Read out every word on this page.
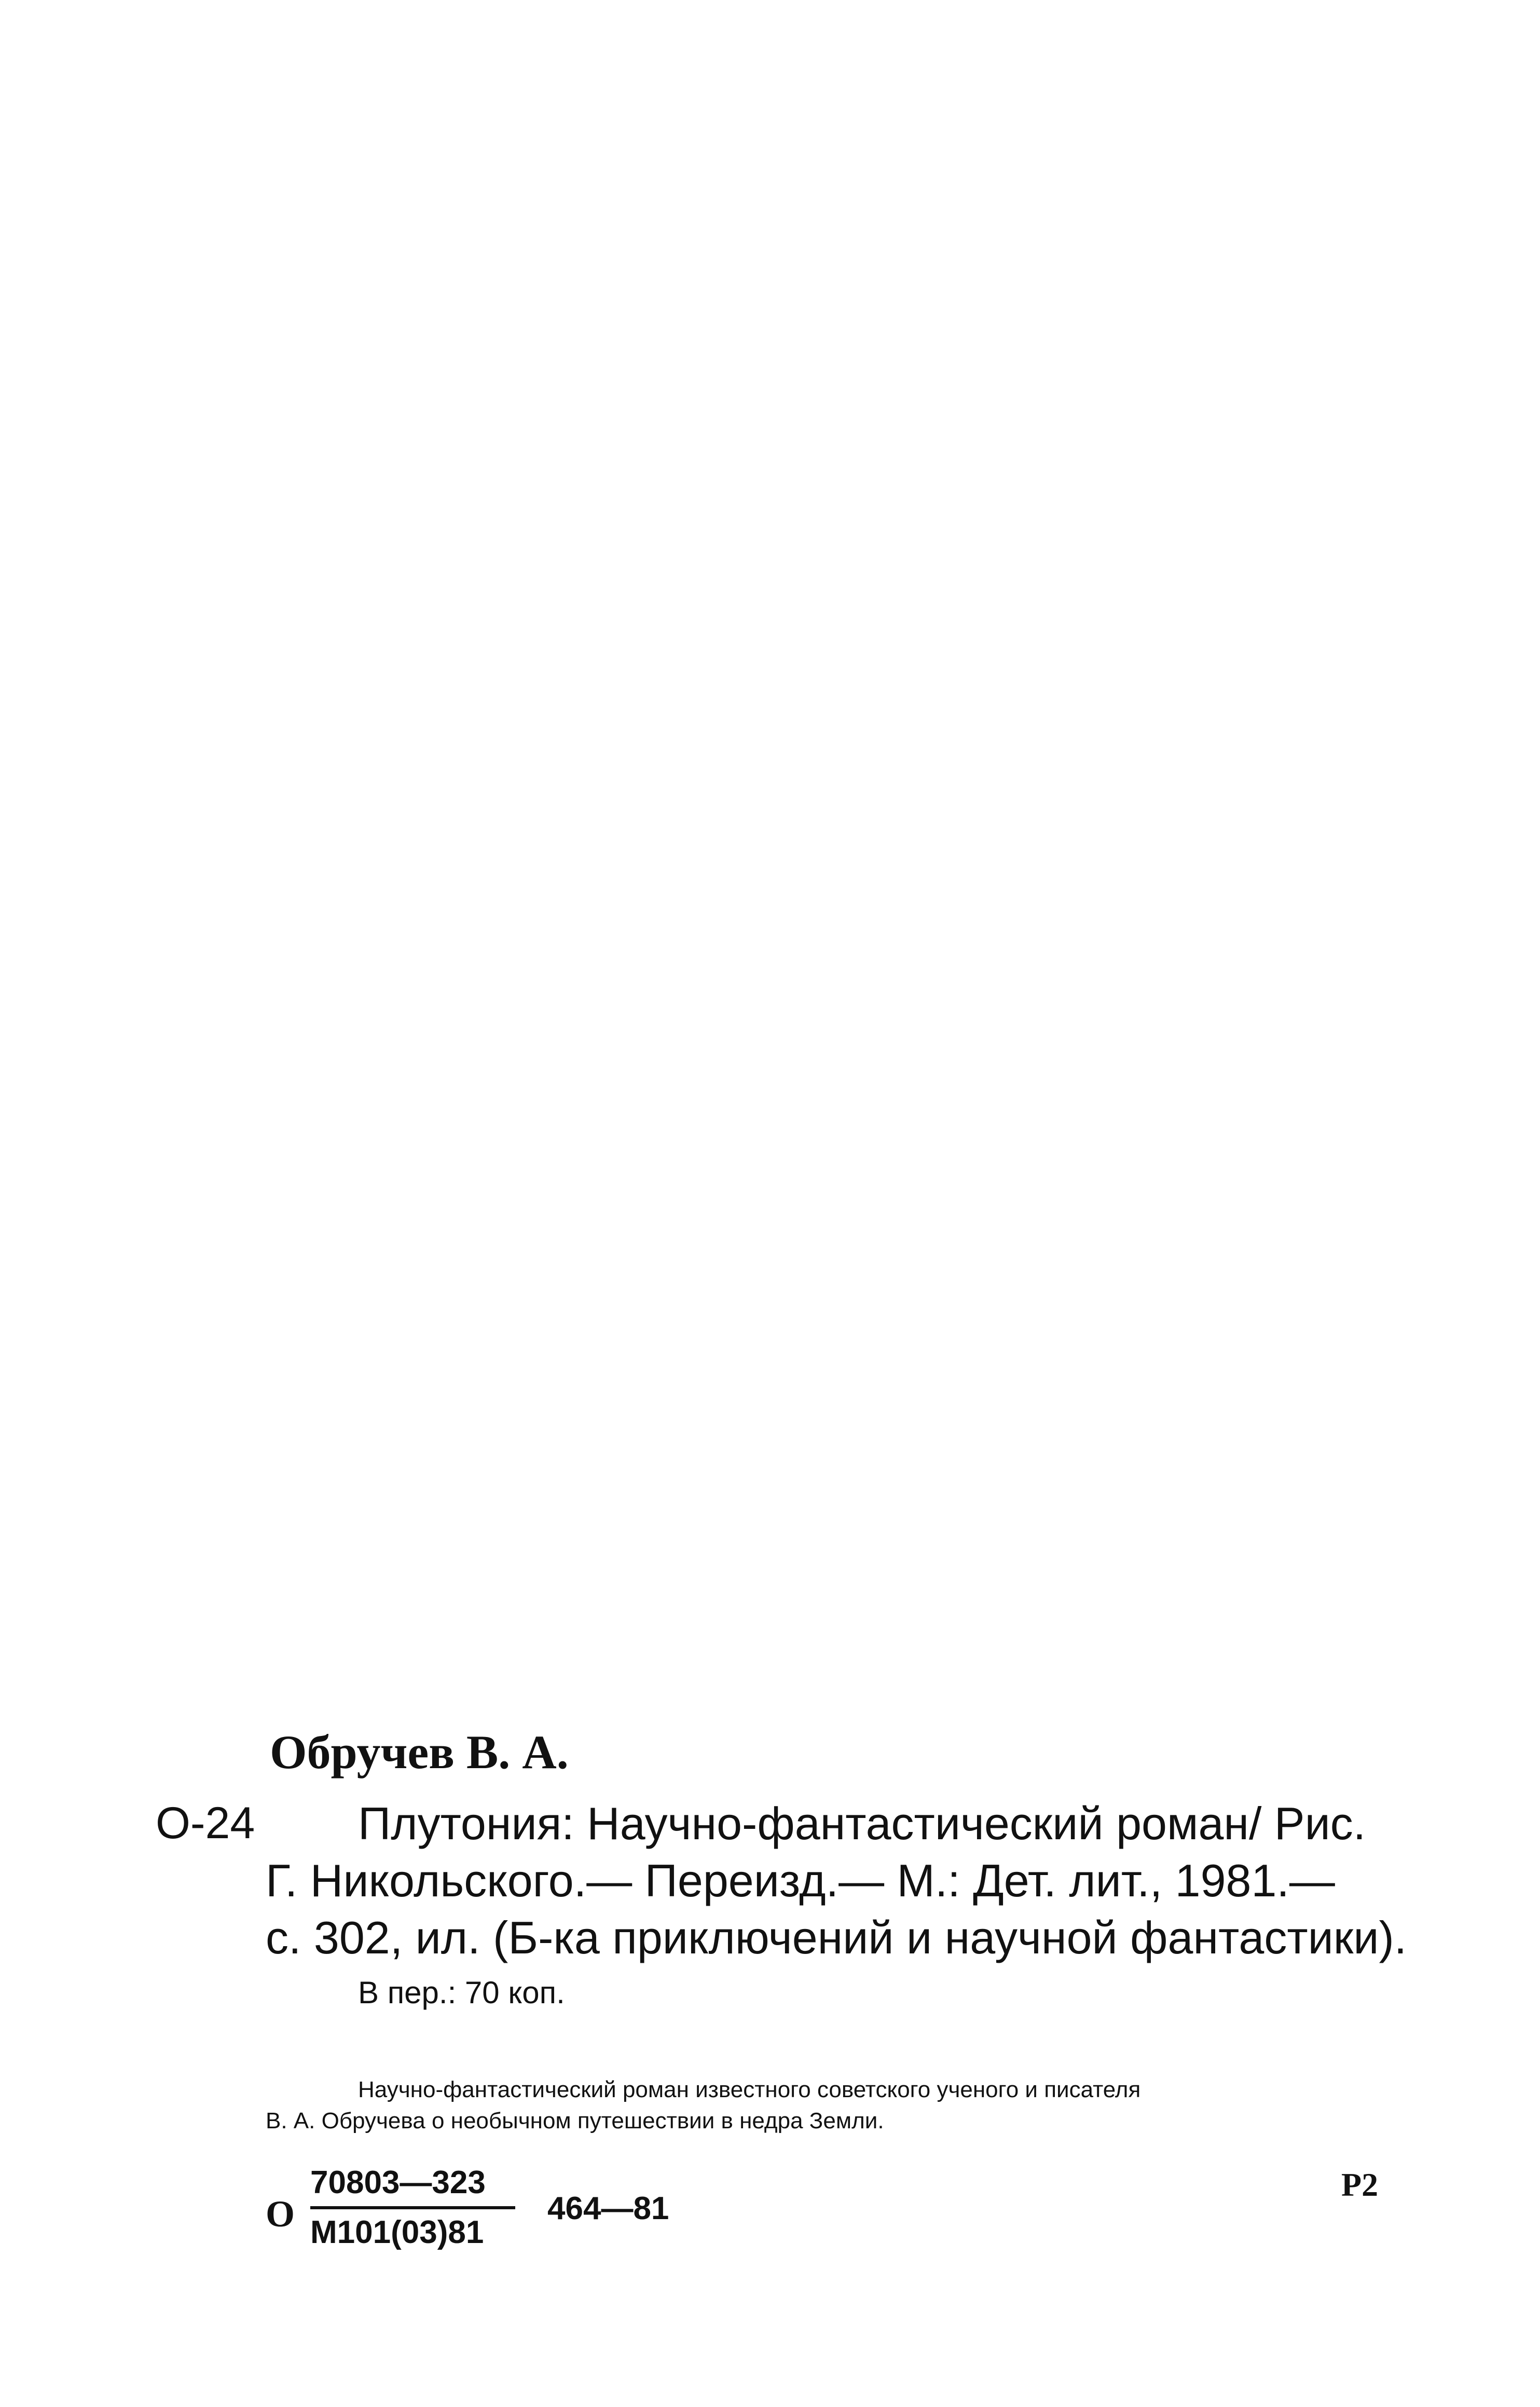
Обручев В. А.
О-24 Плутония: Научно-фантастический роман/ Рис.
Г. Никольского.— Переизд.— М.: Дет. лит., 1981.—
с. 302, ил. (Б-ка приключений и научной фантастики).
В пер.: 70 коп.
Научно-фантастический роман известного советского ученого и писателя
В. А. Обручева о необычном путешествии в недра Земли.
О
70803—323
М101(03)81
464—81
Р2
